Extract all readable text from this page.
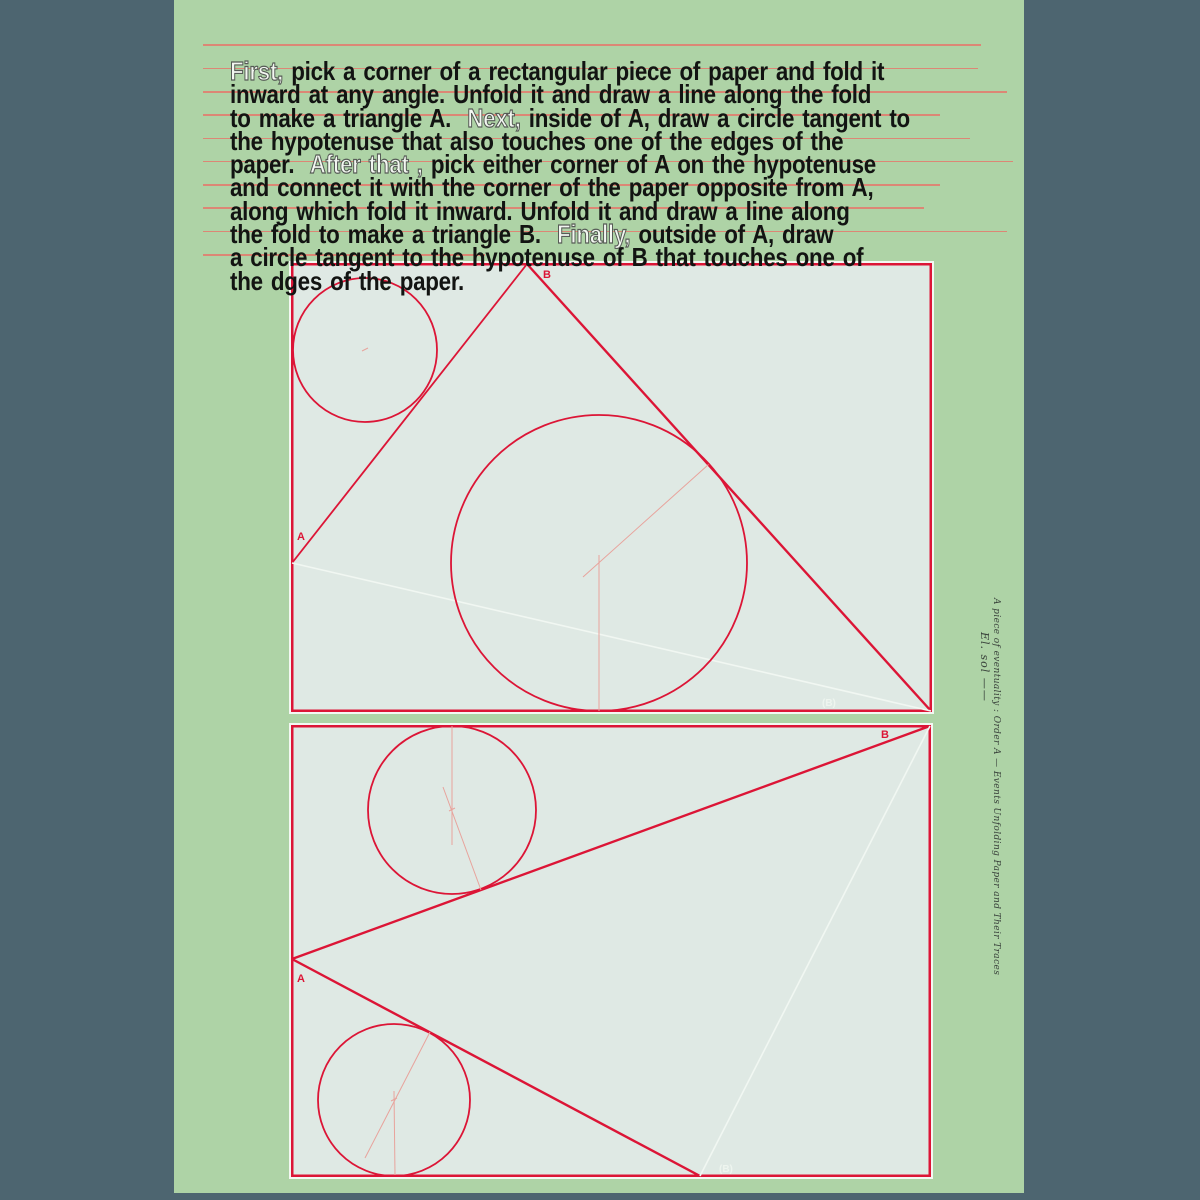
First, pick a corner of a rectangular piece of paper and fold it

inward at any angle. Unfold it and draw a line along the fold

to make a triangle A.  Next, inside of A, draw a circle tangent to

the hypotenuse that also touches one of the edges of the

paper.  After that , pick either corner of A on the hypotenuse

and connect it with the corner of the paper opposite from A,

along which fold it inward. Unfold it and draw a line along

the fold to make a triangle B.  Finally, outside of A, draw

a circle tangent to the hypotenuse of B that touches one of

the dges of the paper.

A
B
(B)
A
B
(B)
A piece of eventuality : Order A — Events Unfolding Paper and Their Traces
El. sol ——
